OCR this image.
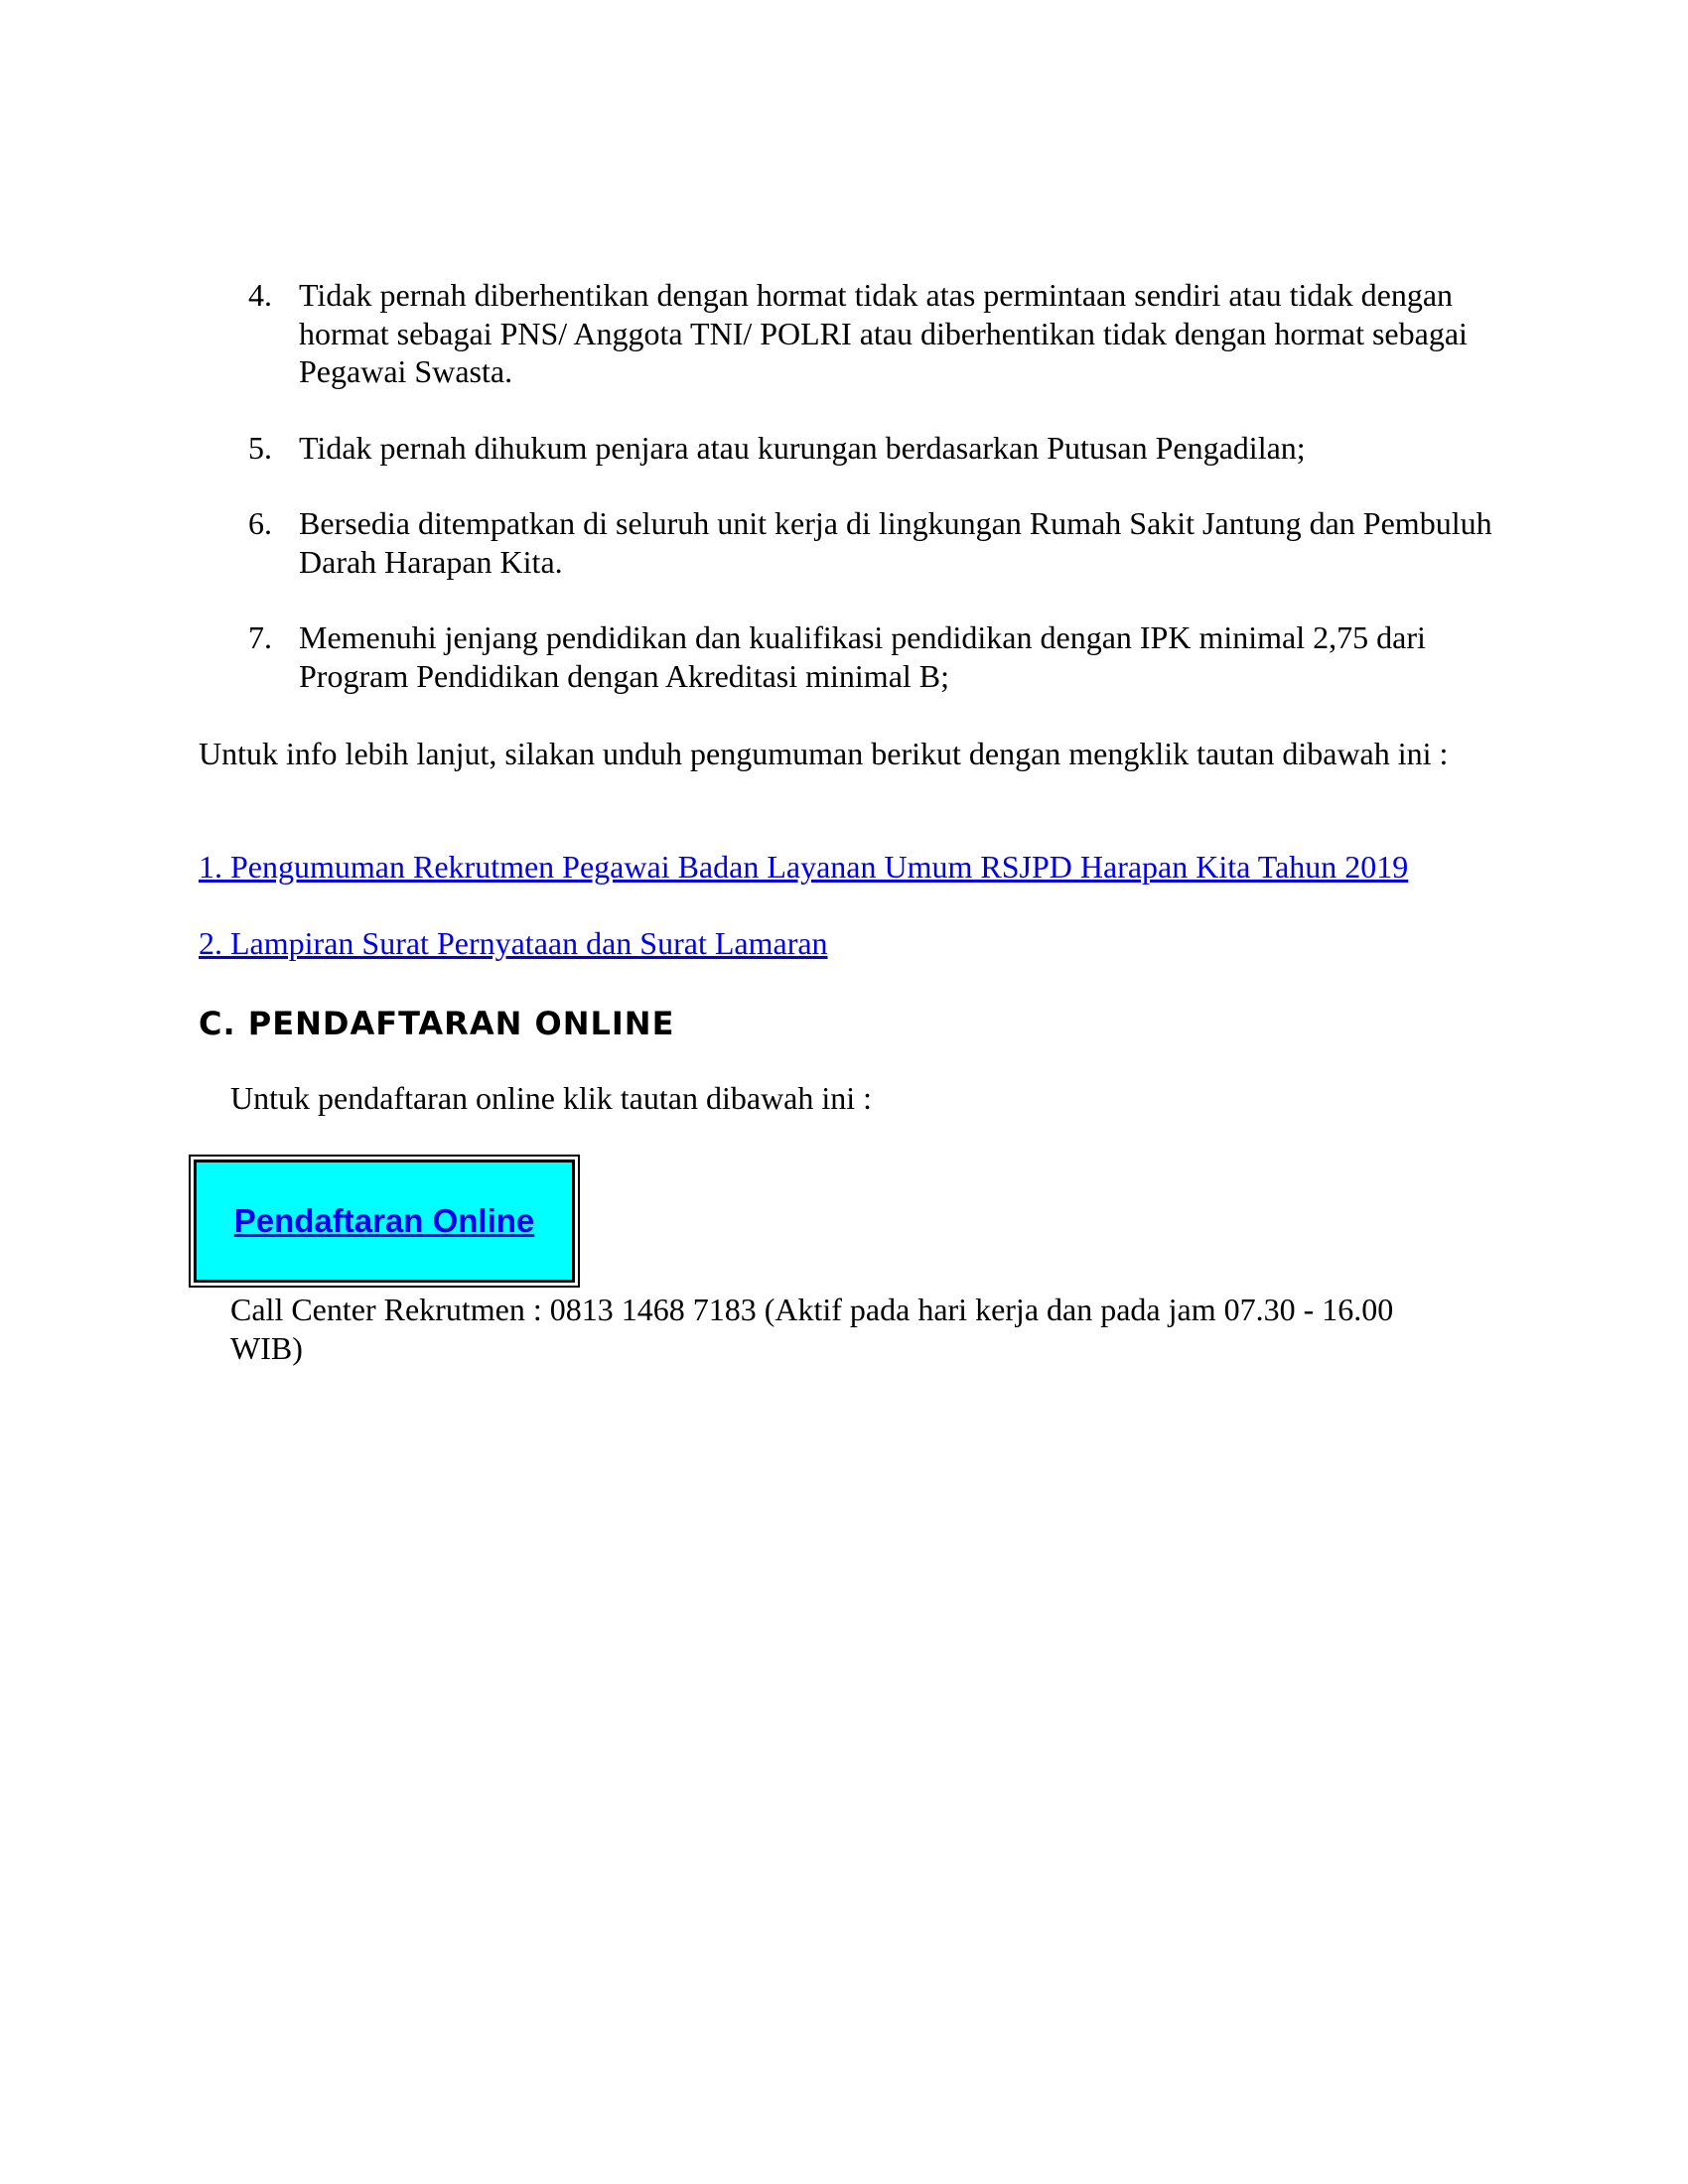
4. Tidak pernah diberhentikan dengan hormat tidak atas permintaan sendiri atau tidak dengan hormat sebagai PNS/ Anggota TNI/ POLRI atau diberhentikan tidak dengan hormat sebagai Pegawai Swasta.
5. Tidak pernah dihukum penjara atau kurungan berdasarkan Putusan Pengadilan;
6. Bersedia ditempatkan di seluruh unit kerja di lingkungan Rumah Sakit Jantung dan Pembuluh Darah Harapan Kita.
7. Memenuhi jenjang pendidikan dan kualifikasi pendidikan dengan IPK minimal 2,75 dari Program Pendidikan dengan Akreditasi minimal B;

Untuk info lebih lanjut, silakan unduh pengumuman berikut dengan mengklik tautan dibawah ini :

1. Pengumuman Rekrutmen Pegawai Badan Layanan Umum RSJPD Harapan Kita Tahun 2019

2. Lampiran Surat Pernyataan dan Surat Lamaran

C. PENDAFTARAN ONLINE

Untuk pendaftaran online klik tautan dibawah ini :

Pendaftaran Online

Call Center Rekrutmen : 0813 1468 7183 (Aktif pada hari kerja dan pada jam 07.30 - 16.00 WIB)
